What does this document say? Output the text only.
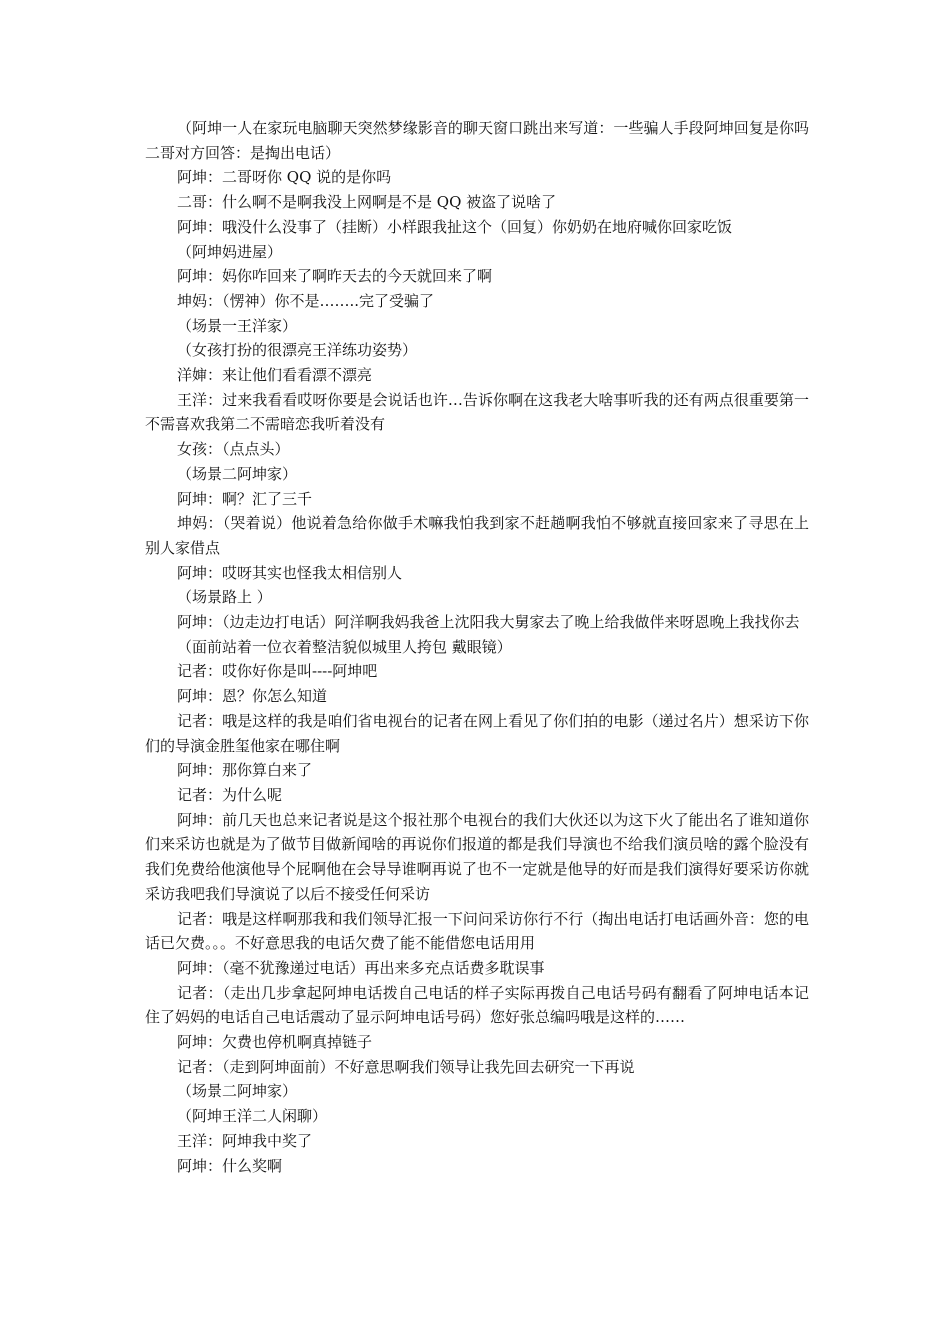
（阿坤一人在家玩电脑聊天突然梦缘影音的聊天窗口跳出来写道：一些骗人手段阿坤回复是你吗二哥对方回答：是掏出电话）

阿坤：二哥呀你 QQ 说的是你吗

二哥：什么啊不是啊我没上网啊是不是 QQ 被盗了说啥了

阿坤：哦没什么没事了（挂断）小样跟我扯这个（回复）你奶奶在地府喊你回家吃饭

（阿坤妈进屋）

阿坤：妈你咋回来了啊昨天去的今天就回来了啊

坤妈：（愣神）你不是……..完了受骗了

（场景一王洋家）

（女孩打扮的很漂亮王洋练功姿势）

洋婶：来让他们看看漂不漂亮

王洋：过来我看看哎呀你要是会说话也许…告诉你啊在这我老大啥事听我的还有两点很重要第一不需喜欢我第二不需暗恋我听着没有

女孩：（点点头）

（场景二阿坤家）

阿坤：啊？汇了三千

坤妈：（哭着说）他说着急给你做手术嘛我怕我到家不赶趟啊我怕不够就直接回家来了寻思在上别人家借点

阿坤：哎呀其实也怪我太相信别人

（场景路上 ）

阿坤：（边走边打电话）阿洋啊我妈我爸上沈阳我大舅家去了晚上给我做伴来呀恩晚上我找你去

（面前站着一位衣着整洁貌似城里人挎包 戴眼镜）

记者：哎你好你是叫----阿坤吧

阿坤：恩？你怎么知道

记者：哦是这样的我是咱们省电视台的记者在网上看见了你们拍的电影（递过名片）想采访下你们的导演金胜玺他家在哪住啊

阿坤：那你算白来了

记者：为什么呢

阿坤：前几天也总来记者说是这个报社那个电视台的我们大伙还以为这下火了能出名了谁知道你们来采访也就是为了做节目做新闻啥的再说你们报道的都是我们导演也不给我们演员啥的露个脸没有我们免费给他演他导个屁啊他在会导导谁啊再说了也不一定就是他导的好而是我们演得好要采访你就采访我吧我们导演说了以后不接受任何采访

记者：哦是这样啊那我和我们领导汇报一下问问采访你行不行（掏出电话打电话画外音：您的电话已欠费。。。不好意思我的电话欠费了能不能借您电话用用

阿坤：（毫不犹豫递过电话）再出来多充点话费多耽误事

记者：（走出几步拿起阿坤电话拨自己电话的样子实际再拨自己电话号码有翻看了阿坤电话本记住了妈妈的电话自己电话震动了显示阿坤电话号码）您好张总编吗哦是这样的……

阿坤：欠费也停机啊真掉链子

记者：（走到阿坤面前）不好意思啊我们领导让我先回去研究一下再说

（场景二阿坤家）

（阿坤王洋二人闲聊）

王洋：阿坤我中奖了

阿坤：什么奖啊
